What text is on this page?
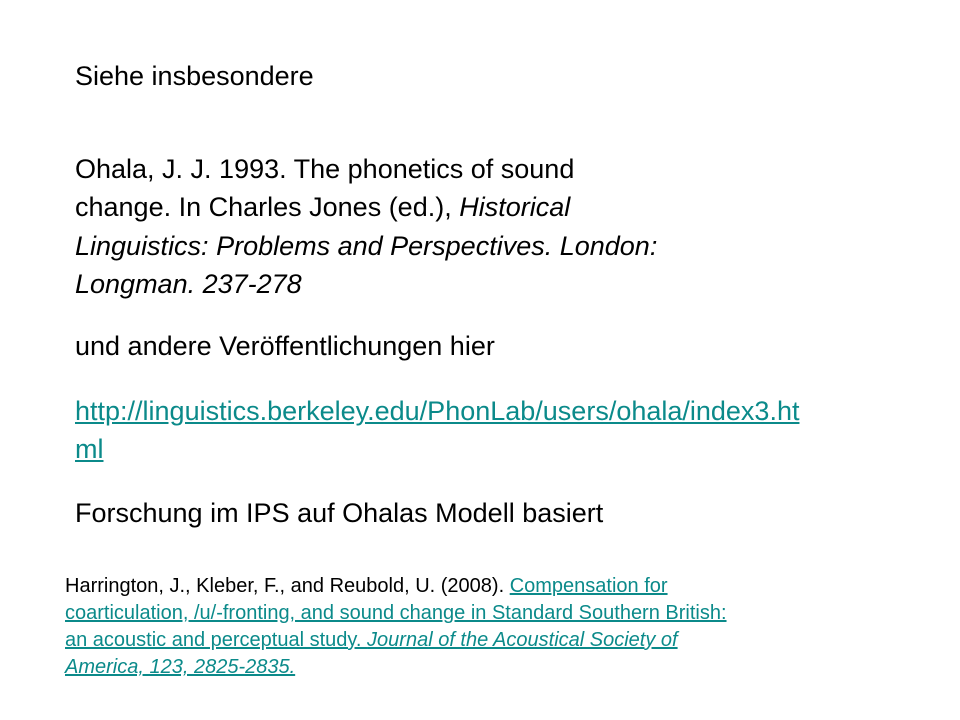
Siehe insbesondere
Ohala, J. J. 1993. The phonetics of sound
change. In Charles Jones (ed.), Historical
Linguistics: Problems and Perspectives. London:
Longman. 237-278
und andere Veröffentlichungen hier
http://linguistics.berkeley.edu/PhonLab/users/ohala/index3.ht
ml
Forschung im IPS auf Ohalas Modell basiert
Harrington, J., Kleber, F., and Reubold, U. (2008). Compensation for
coarticulation, /u/-fronting, and sound change in Standard Southern British:
an acoustic and perceptual study. Journal of the Acoustical Society of
America, 123, 2825-2835.
